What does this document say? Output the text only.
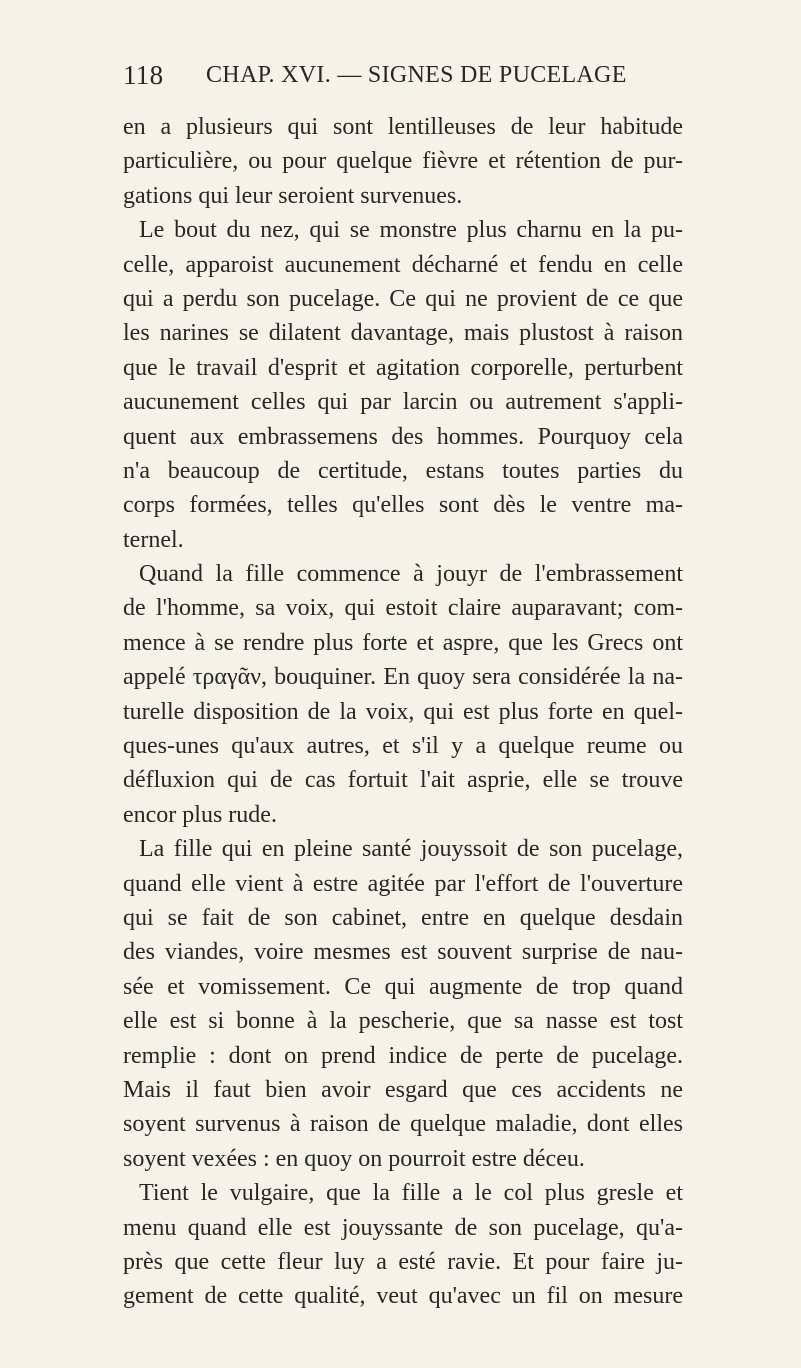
118 CHAP. XVI. — SIGNES DE PUCELAGE
en a plusieurs qui sont lentilleuses de leur habitude
particulière, ou pour quelque fièvre et rétention de pur-
gations qui leur seroient survenues.
Le bout du nez, qui se monstre plus charnu en la pu-
celle, apparoist aucunement décharné et fendu en celle
qui a perdu son pucelage. Ce qui ne provient de ce que
les narines se dilatent davantage, mais plustost à raison
que le travail d'esprit et agitation corporelle, perturbent
aucunement celles qui par larcin ou autrement s'appli-
quent aux embrassemens des hommes. Pourquoy cela
n'a beaucoup de certitude, estans toutes parties du
corps formées, telles qu'elles sont dès le ventre ma-
ternel.
Quand la fille commence à jouyr de l'embrassement
de l'homme, sa voix, qui estoit claire auparavant; com-
mence à se rendre plus forte et aspre, que les Grecs ont
appelé τραγᾶν, bouquiner. En quoy sera considérée la na-
turelle disposition de la voix, qui est plus forte en quel-
ques-unes qu'aux autres, et s'il y a quelque reume ou
défluxion qui de cas fortuit l'ait asprie, elle se trouve
encor plus rude.
La fille qui en pleine santé jouyssoit de son pucelage,
quand elle vient à estre agitée par l'effort de l'ouverture
qui se fait de son cabinet, entre en quelque desdain
des viandes, voire mesmes est souvent surprise de nau-
sée et vomissement. Ce qui augmente de trop quand
elle est si bonne à la pescherie, que sa nasse est tost
remplie : dont on prend indice de perte de pucelage.
Mais il faut bien avoir esgard que ces accidents ne
soyent survenus à raison de quelque maladie, dont elles
soyent vexées : en quoy on pourroit estre déceu.
Tient le vulgaire, que la fille a le col plus gresle et
menu quand elle est jouyssante de son pucelage, qu'a-
près que cette fleur luy a esté ravie. Et pour faire ju-
gement de cette qualité, veut qu'avec un fil on mesure
